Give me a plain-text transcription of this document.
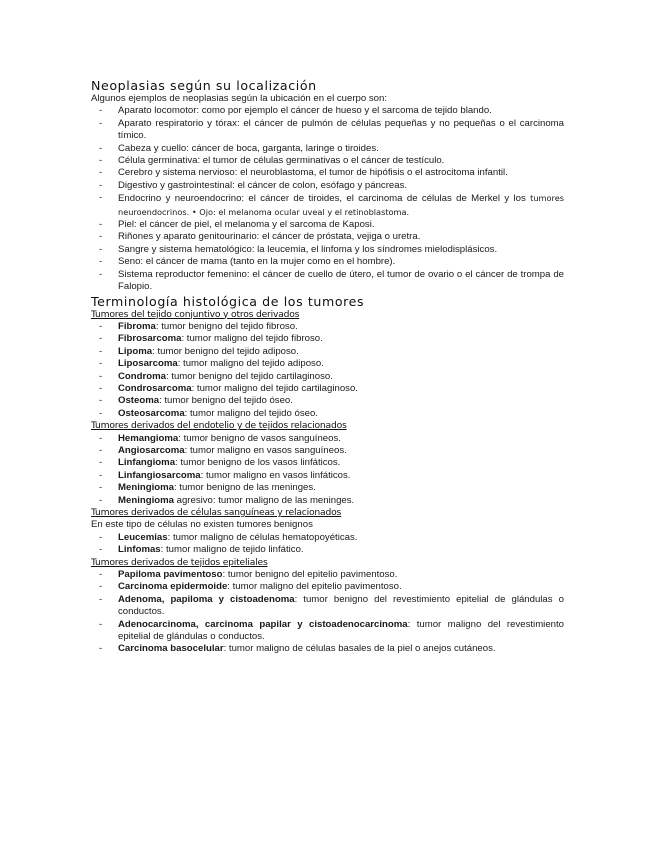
Neoplasias según su localización

Algunos ejemplos de neoplasias según la ubicación en el cuerpo son:

- Aparato locomotor: como por ejemplo el cáncer de hueso y el sarcoma de tejido blando.
- Aparato respiratorio y tórax: el cáncer de pulmón de células pequeñas y no pequeñas o el carcinoma tímico.
- Cabeza y cuello: cáncer de boca, garganta, laringe o tiroides.
- Célula germinativa: el tumor de células germinativas o el cáncer de testículo.
- Cerebro y sistema nervioso: el neuroblastoma, el tumor de hipófisis o el astrocitoma infantil.
- Digestivo y gastrointestinal: el cáncer de colon, esófago y páncreas.
- Endocrino y neuroendocrino: el cáncer de tiroides, el carcinoma de células de Merkel y los tumores neuroendocrinos. • Ojo: el melanoma ocular uveal y el retinoblastoma.
- Piel: el cáncer de piel, el melanoma y el sarcoma de Kaposi.
- Riñones y aparato genitourinario: el cáncer de próstata, vejiga o uretra.
- Sangre y sistema hematológico: la leucemia, el linfoma y los síndromes mielodisplásicos.
- Seno: el cáncer de mama (tanto en la mujer como en el hombre).
- Sistema reproductor femenino: el cáncer de cuello de útero, el tumor de ovario o el cáncer de trompa de Falopio.
Terminología histológica de los tumores
Tumores del tejido conjuntivo y otros derivados
- Fibroma: tumor benigno del tejido fibroso.
- Fibrosarcoma: tumor maligno del tejido fibroso.
- Lipoma: tumor benigno del tejido adiposo.
- Liposarcoma: tumor maligno del tejido adiposo.
- Condroma: tumor benigno del tejido cartilaginoso.
- Condrosarcoma: tumor maligno del tejido cartilaginoso.
- Osteoma: tumor benigno del tejido óseo.
- Osteosarcoma: tumor maligno del tejido óseo.
Tumores derivados del endotelio y de tejidos relacionados
- Hemangioma: tumor benigno de vasos sanguíneos.
- Angiosarcoma: tumor maligno en vasos sanguíneos.
- Linfangioma: tumor benigno de los vasos linfáticos.
- Linfangiosarcoma: tumor maligno en vasos linfáticos.
- Meningioma: tumor benigno de las meninges.
- Meningioma agresivo: tumor maligno de las meninges.
Tumores derivados de células sanguíneas y relacionados

En este tipo de células no existen tumores benignos

- Leucemias: tumor maligno de células hematopoyéticas.
- Linfomas: tumor maligno de tejido linfático.
Tumores derivados de tejidos epiteliales
- Papiloma pavimentoso: tumor benigno del epitelio pavimentoso.
- Carcinoma epidermoide: tumor maligno del epitelio pavimentoso.
- Adenoma, papiloma y cistoadenoma: tumor benigno del revestimiento epitelial de glándulas o conductos.
- Adenocarcinoma, carcinoma papilar y cistoadenocarcinoma: tumor maligno del revestimiento epitelial de glándulas o conductos.
- Carcinoma basocelular: tumor maligno de células basales de la piel o anejos cutáneos.
